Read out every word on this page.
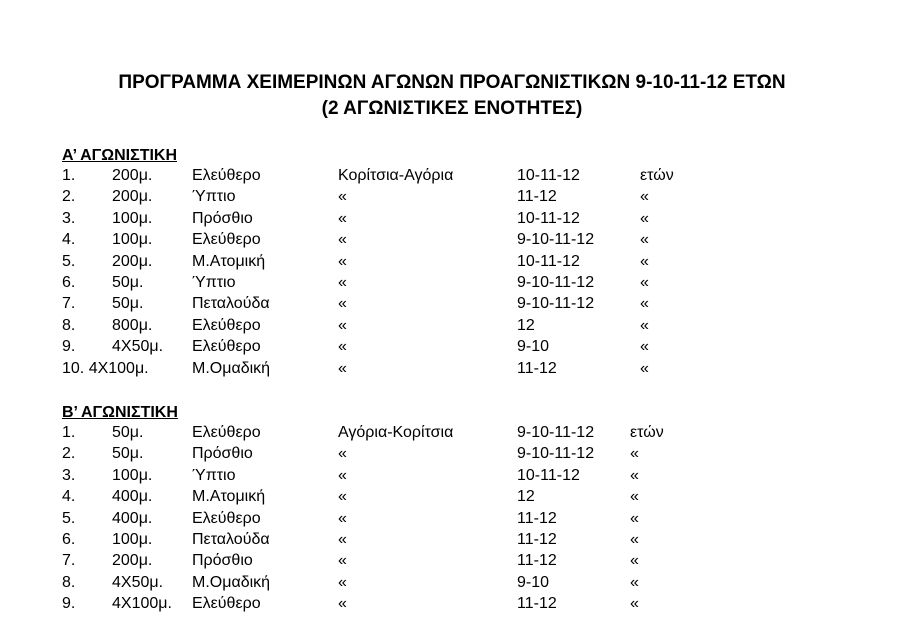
ΠΡΟΓΡΑΜΜΑ ΧΕΙΜΕΡΙΝΩΝ ΑΓΩΝΩΝ ΠΡΟΑΓΩΝΙΣΤΙΚΩΝ 9-10-11-12 ΕΤΩΝ
(2 ΑΓΩΝΙΣΤΙΚΕΣ ΕΝΟΤΗΤΕΣ)
Α’ ΑΓΩΝΙΣΤΙΚΗ
1. 200μ. Ελεύθερο	Κορίτσια-Αγόρια	10-11-12	ετών
2. 200μ. Ύπτιο	«	11-12	«
3. 100μ. Πρόσθιο	«	10-11-12	«
4. 100μ. Ελεύθερο	«	9-10-11-12	«
5. 200μ. Μ.Ατομική	«	10-11-12	«
6. 50μ.	Ύπτιο	«	9-10-11-12	«
7. 50μ.	Πεταλούδα	«	9-10-11-12	«
8. 800μ. Ελεύθερο	«	12	«
9. 4Χ50μ. Ελεύθερο	«	9-10	«
10. 4Χ100μ.	Μ.Ομαδική	«	11-12	«
Β’ ΑΓΩΝΙΣΤΙΚΗ
1. 50μ.	Ελεύθερο	Αγόρια-Κορίτσια	9-10-11-12 ετών
2. 50μ.	Πρόσθιο	«	9-10-11-12 «
3. 100μ. Ύπτιο	«	10-11-12	«
4. 400μ. Μ.Ατομική	«	12	«
5. 400μ. Ελεύθερο	«	11-12	«
6. 100μ. Πεταλούδα	«	11-12	«
7. 200μ. Πρόσθιο	«	11-12	«
8. 4Χ50μ. Μ.Ομαδική	«	9-10	«
9. 4Χ100μ. Ελεύθερο	«	11-12	«
